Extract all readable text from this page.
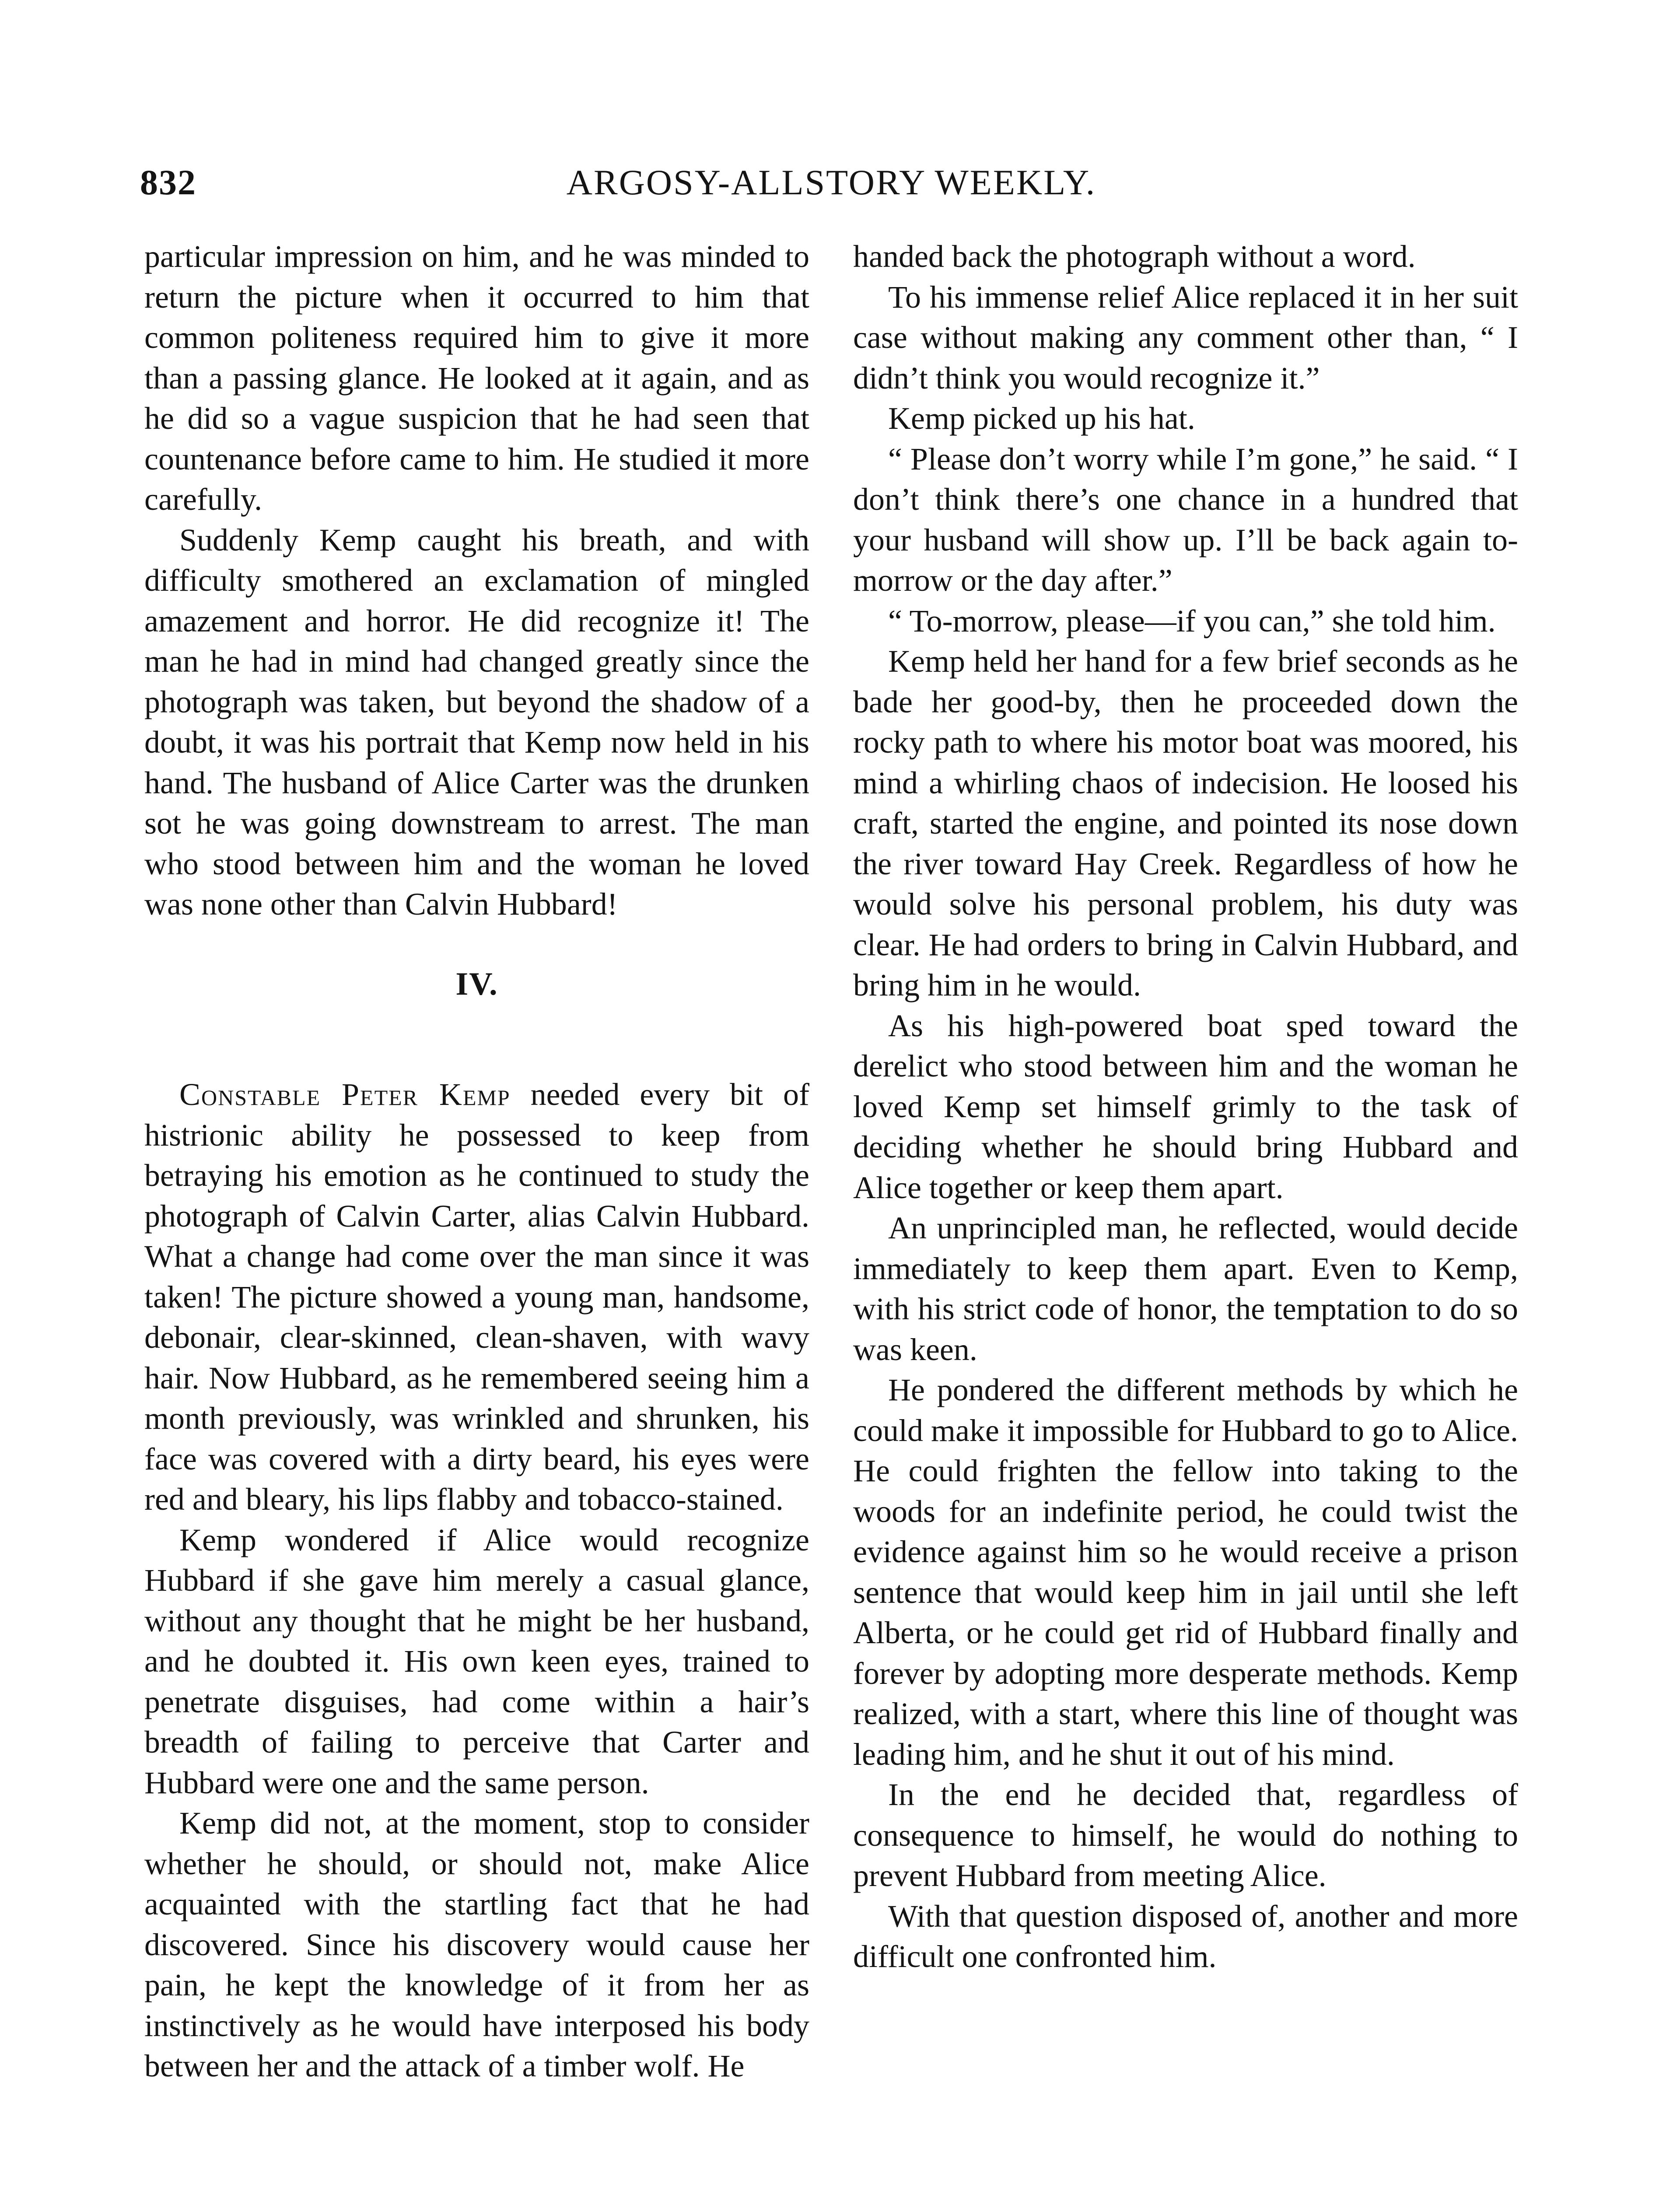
832	ARGOSY-ALLSTORY WEEKLY.

particular impression on him, and he was minded to return the picture when it occurred to him that common politeness required him to give it more than a passing glance. He looked at it again, and as he did so a vague suspicion that he had seen that countenance before came to him. He studied it more carefully.

Suddenly Kemp caught his breath, and with difficulty smothered an exclamation of mingled amazement and horror. He did recognize it! The man he had in mind had changed greatly since the photograph was taken, but beyond the shadow of a doubt, it was his portrait that Kemp now held in his hand. The husband of Alice Carter was the drunken sot he was going downstream to arrest. The man who stood between him and the woman he loved was none other than Calvin Hubbard!

IV.

Constable Peter Kemp needed every bit of histrionic ability he possessed to keep from betraying his emotion as he continued to study the photograph of Calvin Carter, alias Calvin Hubbard. What a change had come over the man since it was taken! The picture showed a young man, handsome, debonair, clear-skinned, clean-shaven, with wavy hair. Now Hubbard, as he remembered seeing him a month previously, was wrinkled and shrunken, his face was covered with a dirty beard, his eyes were red and bleary, his lips flabby and tobacco-stained.

Kemp wondered if Alice would recognize Hubbard if she gave him merely a casual glance, without any thought that he might be her husband, and he doubted it. His own keen eyes, trained to penetrate disguises, had come within a hair’s breadth of failing to perceive that Carter and Hubbard were one and the same person.

Kemp did not, at the moment, stop to consider whether he should, or should not, make Alice acquainted with the startling fact that he had discovered. Since his discovery would cause her pain, he kept the knowledge of it from her as instinctively as he would have interposed his body between her and the attack of a timber wolf. He

handed back the photograph without a word.

To his immense relief Alice replaced it in her suit case without making any comment other than, “ I didn’t think you would recognize it.”

Kemp picked up his hat.

“ Please don’t worry while I’m gone,” he said. “ I don’t think there’s one chance in a hundred that your husband will show up. I’ll be back again to-morrow or the day after.”

“ To-morrow, please—if you can,” she told him.

Kemp held her hand for a few brief seconds as he bade her good-by, then he proceeded down the rocky path to where his motor boat was moored, his mind a whirling chaos of indecision. He loosed his craft, started the engine, and pointed its nose down the river toward Hay Creek. Regardless of how he would solve his personal problem, his duty was clear. He had orders to bring in Calvin Hubbard, and bring him in he would.

As his high-powered boat sped toward the derelict who stood between him and the woman he loved Kemp set himself grimly to the task of deciding whether he should bring Hubbard and Alice together or keep them apart.

An unprincipled man, he reflected, would decide immediately to keep them apart. Even to Kemp, with his strict code of honor, the temptation to do so was keen.

He pondered the different methods by which he could make it impossible for Hubbard to go to Alice. He could frighten the fellow into taking to the woods for an indefinite period, he could twist the evidence against him so he would receive a prison sentence that would keep him in jail until she left Alberta, or he could get rid of Hubbard finally and forever by adopting more desperate methods. Kemp realized, with a start, where this line of thought was leading him, and he shut it out of his mind.

In the end he decided that, regardless of consequence to himself, he would do nothing to prevent Hubbard from meeting Alice.

With that question disposed of, another and more difficult one confronted him.
